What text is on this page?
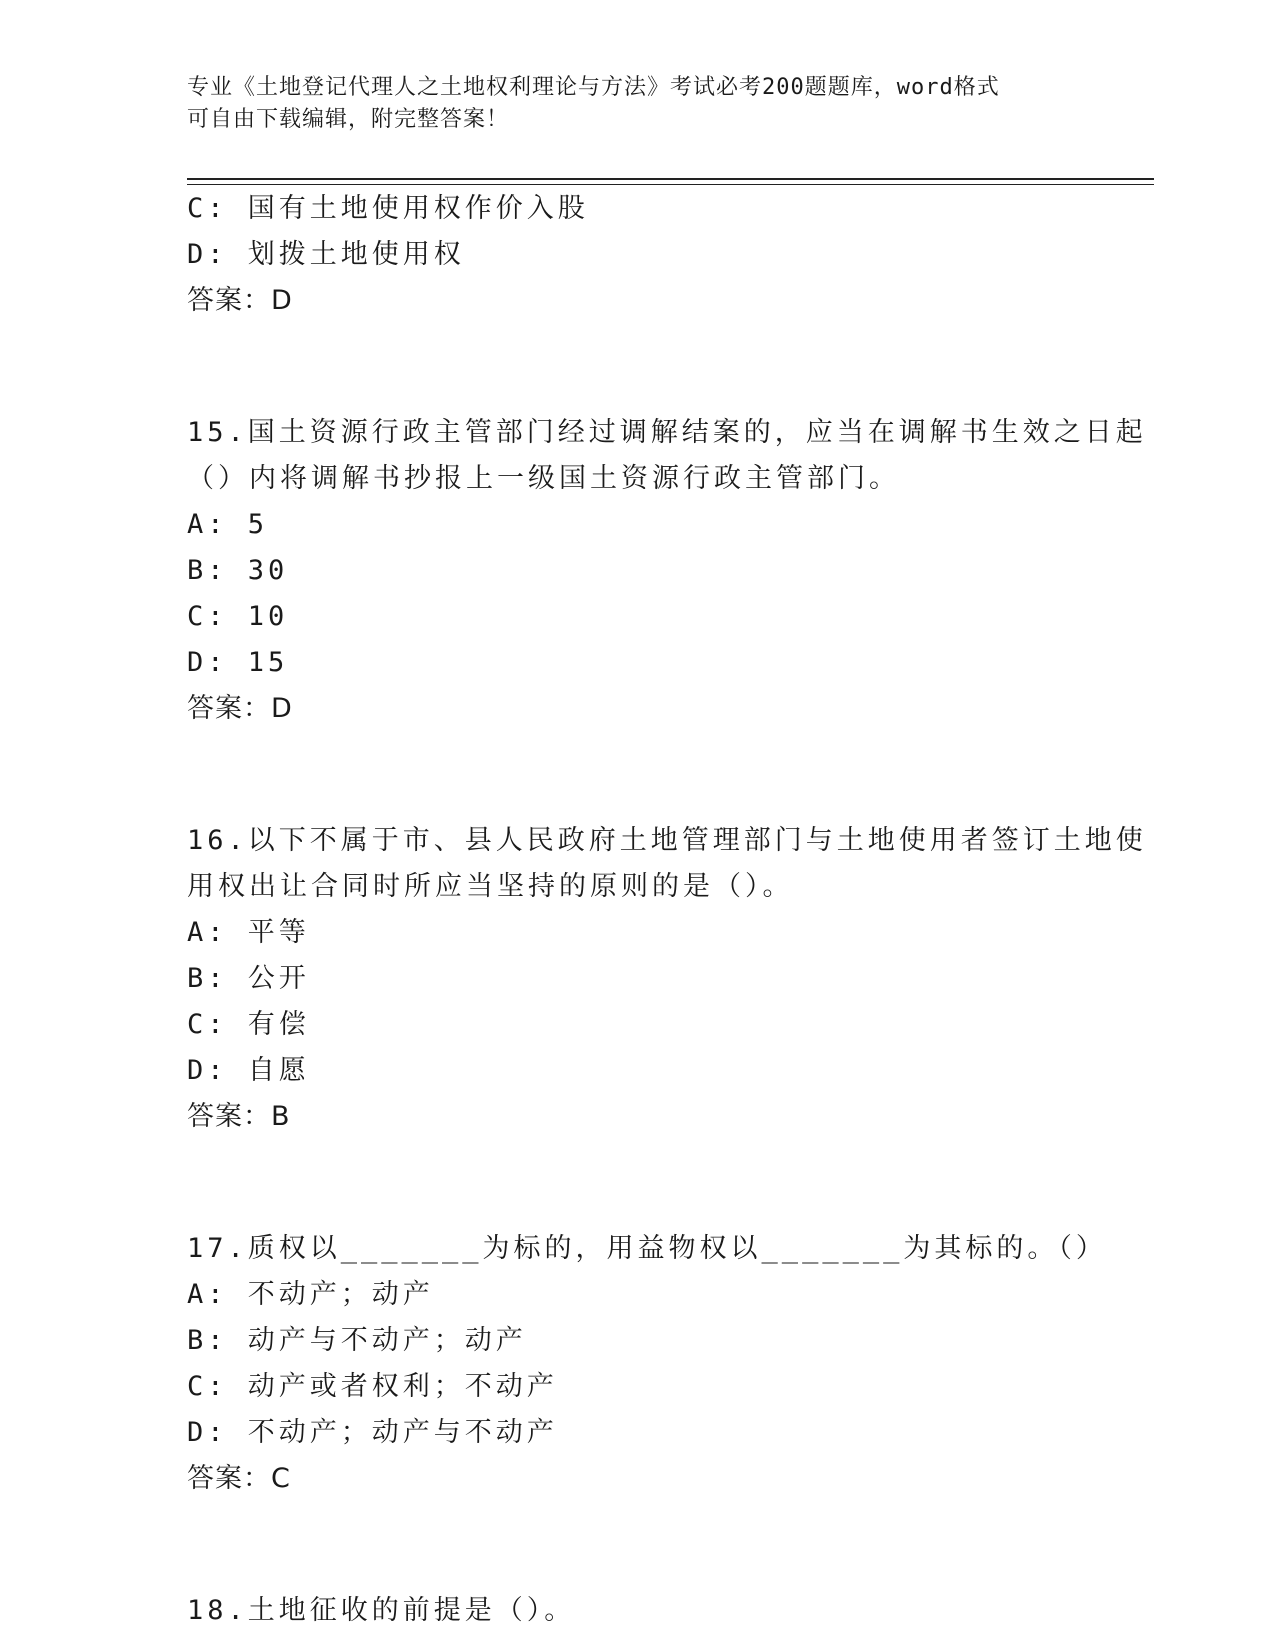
专业《土地登记代理人之土地权利理论与方法》考试必考200题题库，word格式
可自由下载编辑，附完整答案！
C: 国有土地使用权作价入股
D: 划拨土地使用权
答案：D
15.国土资源行政主管部门经过调解结案的，应当在调解书生效之日起
（）内将调解书抄报上一级国土资源行政主管部门。
A: 5
B: 30
C: 10
D: 15
答案：D
16.以下不属于市、县人民政府土地管理部门与土地使用者签订土地使
用权出让合同时所应当坚持的原则的是（）。
A: 平等
B: 公开
C: 有偿
D: 自愿
答案：B
17.质权以_______为标的，用益物权以_______为其标的。（）
A: 不动产；动产
B: 动产与不动产；动产
C: 动产或者权利；不动产
D: 不动产；动产与不动产
答案：C
18.土地征收的前提是（）。
